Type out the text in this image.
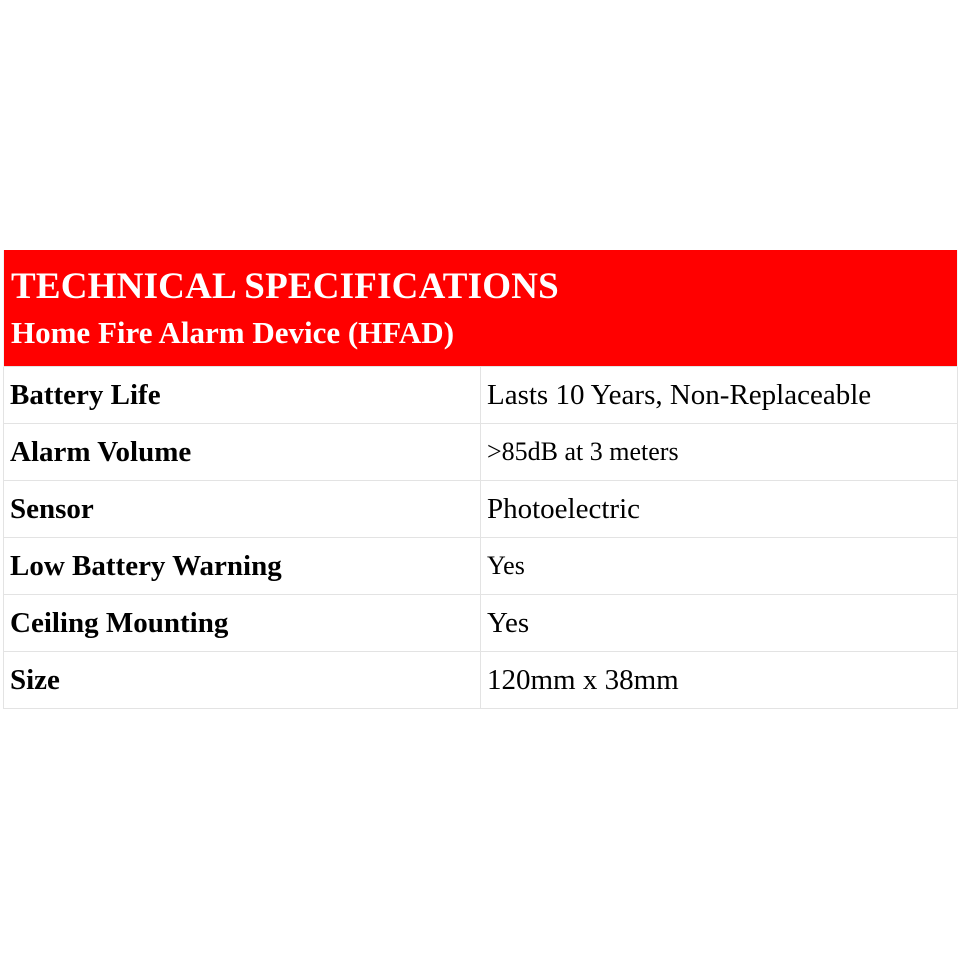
TECHNICAL SPECIFICATIONS
Home Fire Alarm Device (HFAD)	

Battery Life	Lasts 10 Years, Non-Replaceable
Alarm Volume	>85dB at 3 meters
Sensor	Photoelectric
Low Battery Warning	Yes
Ceiling Mounting	Yes
Size	120mm x 38mm
